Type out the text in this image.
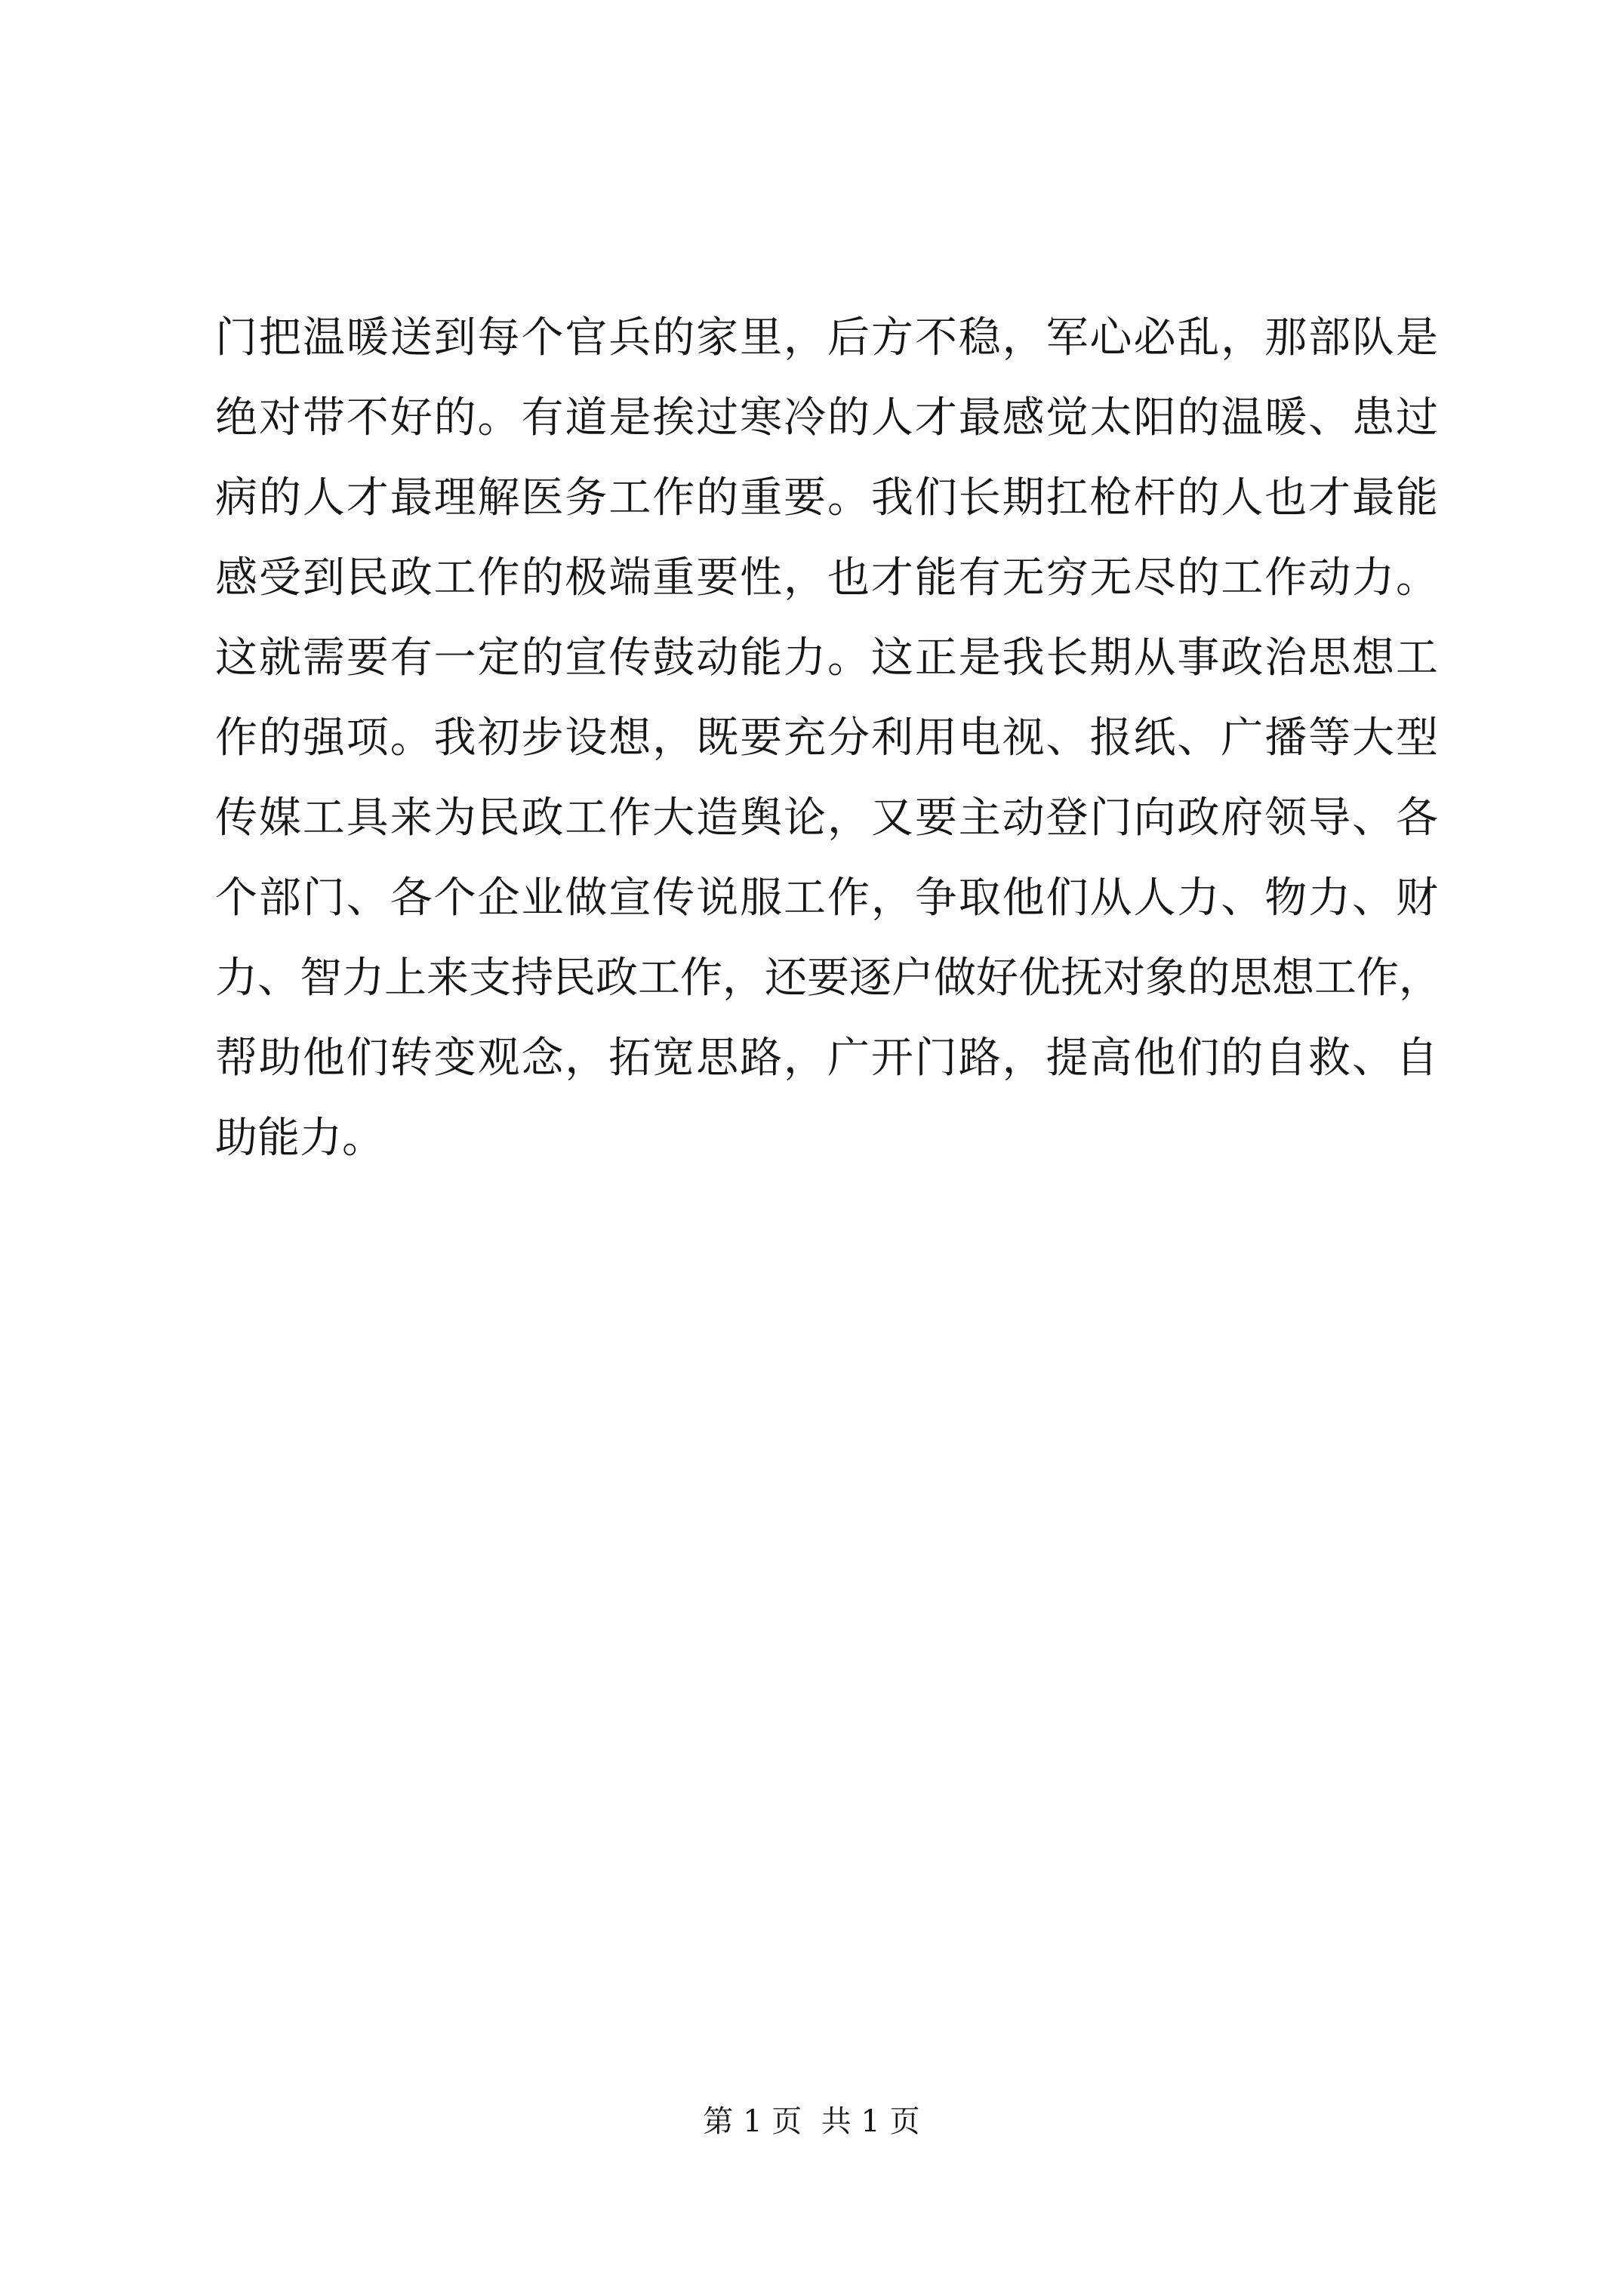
门把温暖送到每个官兵的家里，后方不稳，军心必乱，那部队是
绝对带不好的。有道是挨过寒冷的人才最感觉太阳的温暖、患过
病的人才最理解医务工作的重要。我们长期扛枪杆的人也才最能
感受到民政工作的极端重要性，也才能有无穷无尽的工作动力。
这就需要有一定的宣传鼓动能力。这正是我长期从事政治思想工
作的强项。我初步设想，既要充分利用电视、报纸、广播等大型
传媒工具来为民政工作大造舆论，又要主动登门向政府领导、各
个部门、各个企业做宣传说服工作，争取他们从人力、物力、财
力、智力上来支持民政工作，还要逐户做好优抚对象的思想工作，
帮助他们转变观念，拓宽思路，广开门路，提高他们的自救、自
助能力。
第 1 页  共 1 页
